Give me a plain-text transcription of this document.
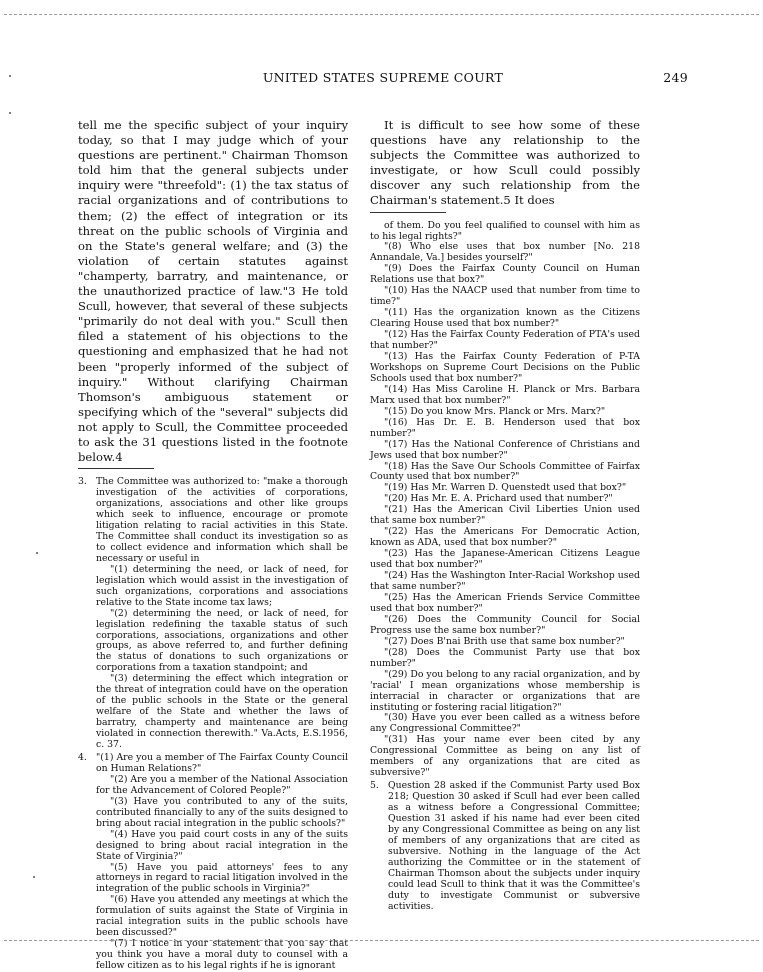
UNITED STATES SUPREME COURT	249

tell me the specific subject of your inquiry today, so that I may judge which of your questions are pertinent." Chairman Thomson told him that the general subjects under inquiry were "threefold": (1) the tax status of racial organizations and of contributions to them; (2) the effect of integration or its threat on the public schools of Virginia and on the State's general welfare; and (3) the violation of certain statutes against "champerty, barratry, and maintenance, or the unauthorized practice of law."3 He told Scull, however, that several of these subjects "primarily do not deal with you." Scull then filed a statement of his objections to the questioning and emphasized that he had not been "properly informed of the subject of inquiry." Without clarifying Chairman Thomson's ambiguous statement or specifying which of the "several" subjects did not apply to Scull, the Committee proceeded to ask the 31 questions listed in the footnote below.4

3. The Committee was authorized to: "make a thorough investigation of the activities of corporations, organizations, associations and other like groups which seek to influence, encourage or promote litigation relating to racial activities in this State. The Committee shall conduct its investigation so as to collect evidence and information which shall be necessary or useful in

"(1) determining the need, or lack of need, for legislation which would assist in the investigation of such organizations, corporations and associations relative to the State income tax laws;

"(2) determining the need, or lack of need, for legislation redefining the taxable status of such corporations, associations, organizations and other groups, as above referred to, and further defining the status of donations to such organizations or corporations from a taxation standpoint; and

"(3) determining the effect which integration or the threat of integration could have on the operation of the public schools in the State or the general welfare of the State and whether the laws of barratry, champerty and maintenance are being violated in connection therewith." Va.Acts, E.S.1956, c. 37.

4. "(1) Are you a member of The Fairfax County Council on Human Relations?"

"(2) Are you a member of the National Association for the Advancement of Colored People?"

"(3) Have you contributed to any of the suits, contributed financially to any of the suits designed to bring about racial integration in the public schools?"

"(4) Have you paid court costs in any of the suits designed to bring about racial integration in the State of Virginia?"

"(5) Have you paid attorneys' fees to any attorneys in regard to racial litigation involved in the integration of the public schools in Virginia?"

"(6) Have you attended any meetings at which the formulation of suits against the State of Virginia in racial integration suits in the public schools have been discussed?"

"(7) I notice in your statement that you say that you think you have a moral duty to counsel with a fellow citizen as to his legal rights if he is ignorant

It is difficult to see how some of these questions have any relationship to the subjects the Committee was authorized to investigate, or how Scull could possibly discover any such relationship from the Chairman's statement.5 It does

of them. Do you feel qualified to counsel with him as to his legal rights?"

"(8) Who else uses that box number [No. 218 Annandale, Va.] besides yourself?"

"(9) Does the Fairfax County Council on Human Relations use that box?"

"(10) Has the NAACP used that number from time to time?"

"(11) Has the organization known as the Citizens Clearing House used that box number?"

"(12) Has the Fairfax County Federation of PTA's used that number?"

"(13) Has the Fairfax County Federation of P-TA Workshops on Supreme Court Decisions on the Public Schools used that box number?"

"(14) Has Miss Caroline H. Planck or Mrs. Barbara Marx used that box number?"

"(15) Do you know Mrs. Planck or Mrs. Marx?"

"(16) Has Dr. E. B. Henderson used that box number?"

"(17) Has the National Conference of Christians and Jews used that box number?"

"(18) Has the Save Our Schools Committee of Fairfax County used that box number?"

"(19) Has Mr. Warren D. Quenstedt used that box?"

"(20) Has Mr. E. A. Prichard used that number?"

"(21) Has the American Civil Liberties Union used that same box number?"

"(22) Has the Americans For Democratic Action, known as ADA, used that box number?"

"(23) Has the Japanese-American Citizens League used that box number?"

"(24) Has the Washington Inter-Racial Workshop used that same number?"

"(25) Has the American Friends Service Committee used that box number?"

"(26) Does the Community Council for Social Progress use the same box number?"

"(27) Does B'nai Brith use that same box number?"

"(28) Does the Communist Party use that box number?"

"(29) Do you belong to any racial organization, and by 'racial' I mean organizations whose membership is interracial in character or organizations that are instituting or fostering racial litigation?"

"(30) Have you ever been called as a witness before any Congressional Committee?"

"(31) Has your name ever been cited by any Congressional Committee as being on any list of members of any organizations that are cited as subversive?"

5. Question 28 asked if the Communist Party used Box 218; Question 30 asked if Scull had ever been called as a witness before a Congressional Committee; Question 31 asked if his name had ever been cited by any Congressional Committee as being on any list of members of any organizations that are cited as subversive. Nothing in the language of the Act authorizing the Committee or in the statement of Chairman Thomson about the subjects under inquiry could lead Scull to think that it was the Committee's duty to investigate Communist or subversive activities.
